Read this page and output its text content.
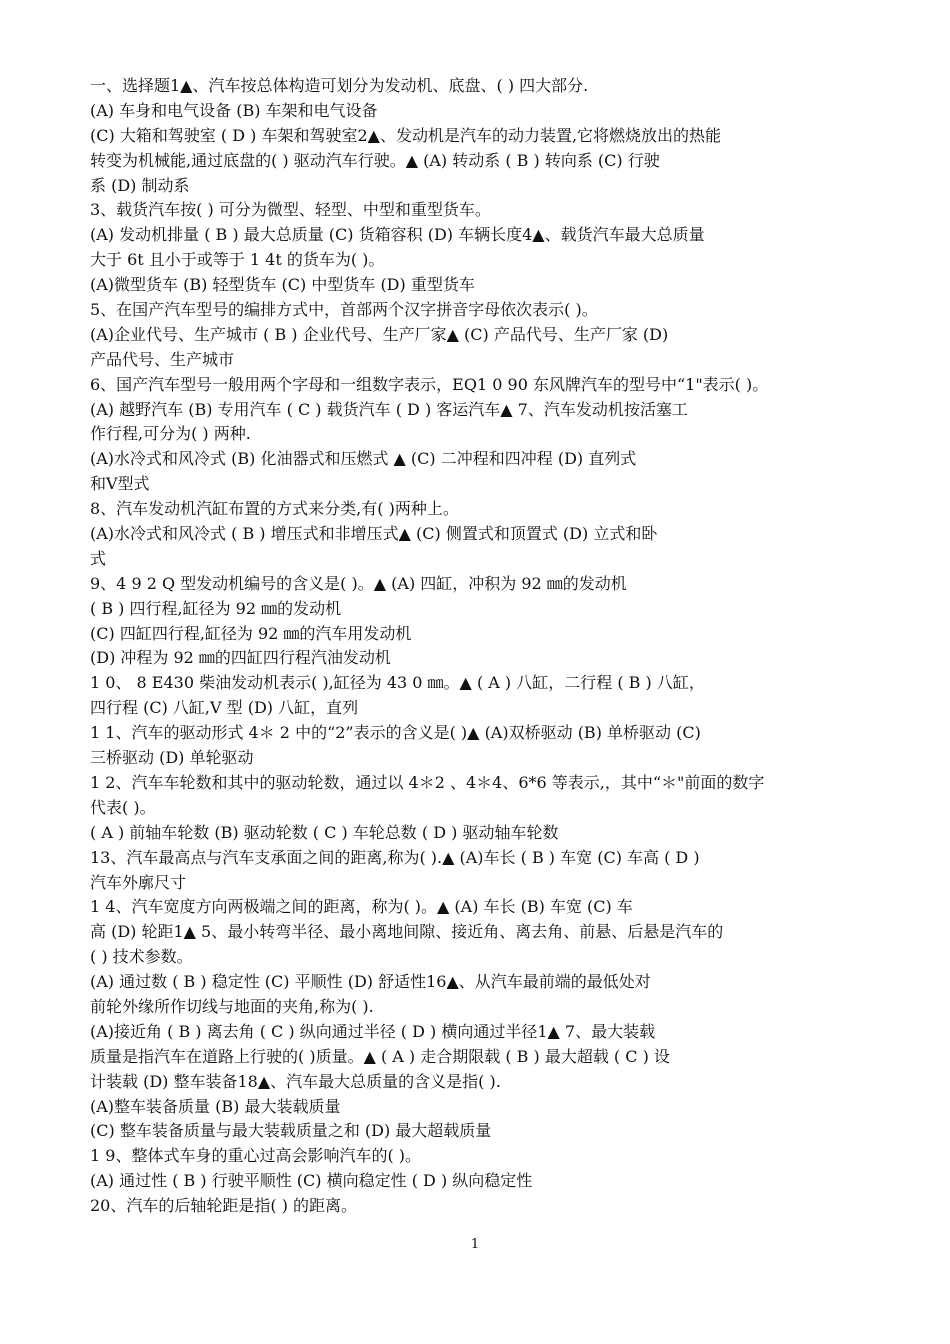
一、选择题1▲、汽车按总体构造可划分为发动机、底盘、( ) 四大部分.
(A) 车身和电气设备 (B) 车架和电气设备
(C) 大箱和驾驶室 ( D ) 车架和驾驶室2▲、发动机是汽车的动力装置,它将燃烧放出的热能
转变为机械能,通过底盘的( ) 驱动汽车行驶。▲ (A) 转动系 ( B ) 转向系 (C) 行驶
系 (D) 制动系
3、载货汽车按( ) 可分为微型、轻型、中型和重型货车。
(A) 发动机排量 ( B ) 最大总质量 (C) 货箱容积 (D) 车辆长度4▲、载货汽车最大总质量
大于 6t 且小于或等于 1 4t 的货车为( )。
(A)微型货车 (B) 轻型货车 (C) 中型货车 (D) 重型货车
5、在国产汽车型号的编排方式中，首部两个汉字拼音字母依次表示( )。
(A)企业代号、生产城市 ( B ) 企业代号、生产厂家▲ (C) 产品代号、生产厂家 (D)
产品代号、生产城市
6、国产汽车型号一般用两个字母和一组数字表示，EQ1 0 90 东风牌汽车的型号中“1"表示( )。
(A) 越野汽车 (B) 专用汽车 ( C ) 载货汽车 ( D ) 客运汽车▲ 7、汽车发动机按活塞工
作行程,可分为( ) 两种.
(A)水冷式和风冷式 (B) 化油器式和压燃式 ▲ (C) 二冲程和四冲程 (D) 直列式
和Ⅴ型式
8、汽车发动机汽缸布置的方式来分类,有( )两种上。
(A)水冷式和风冷式 ( B ) 增压式和非增压式▲ (C) 侧置式和顶置式 (D) 立式和卧
式
9、4 9 2 Q 型发动机编号的含义是( )。▲ (A) 四缸，冲积为 92 ㎜的发动机
( B ) 四行程,缸径为 92 ㎜的发动机
(C) 四缸四行程,缸径为 92 ㎜的汽车用发动机
(D) 冲程为 92 ㎜的四缸四行程汽油发动机
1 0、 8 E430 柴油发动机表示( ),缸径为 43 0 ㎜。▲ ( A ) 八缸，二行程 ( B ) 八缸，
四行程 (C) 八缸,V 型 (D) 八缸，直列
1 1、汽车的驱动形式 4＊ 2 中的“2”表示的含义是( )▲ (A)双桥驱动 (B) 单桥驱动 (C)
三桥驱动 (D) 单轮驱动
1 2、汽车车轮数和其中的驱动轮数，通过以 4＊2 、4＊4、6*6 等表示,，其中“＊"前面的数字
代表( )。
( A ) 前轴车轮数 (B) 驱动轮数 ( C ) 车轮总数 ( D ) 驱动轴车轮数
13、汽车最高点与汽车支承面之间的距离,称为( ).▲ (A)车长 ( B ) 车宽 (C) 车高 ( D )
汽车外廓尺寸
1 4、汽车宽度方向两极端之间的距离，称为( )。▲ (A) 车长 (B) 车宽 (C) 车
高 (D) 轮距1▲ 5、最小转弯半径、最小离地间隙、接近角、离去角、前悬、后悬是汽车的
( ) 技术参数。
(A) 通过数 ( B ) 稳定性 (C) 平顺性 (D) 舒适性16▲、从汽车最前端的最低处对
前轮外缘所作切线与地面的夹角,称为( ).
(A)接近角 ( B ) 离去角 ( C ) 纵向通过半径 ( D ) 横向通过半径1▲ 7、最大装载
质量是指汽车在道路上行驶的( )质量。▲ ( A ) 走合期限载 ( B ) 最大超载 ( C ) 设
计装载 (D) 整车装备18▲、汽车最大总质量的含义是指( ).
(A)整车装备质量 (B) 最大装载质量
(C) 整车装备质量与最大装载质量之和 (D) 最大超载质量
1 9、整体式车身的重心过高会影响汽车的( )。
(A) 通过性 ( B ) 行驶平顺性 (C) 横向稳定性 ( D ) 纵向稳定性
20、汽车的后轴轮距是指( ) 的距离。
1
